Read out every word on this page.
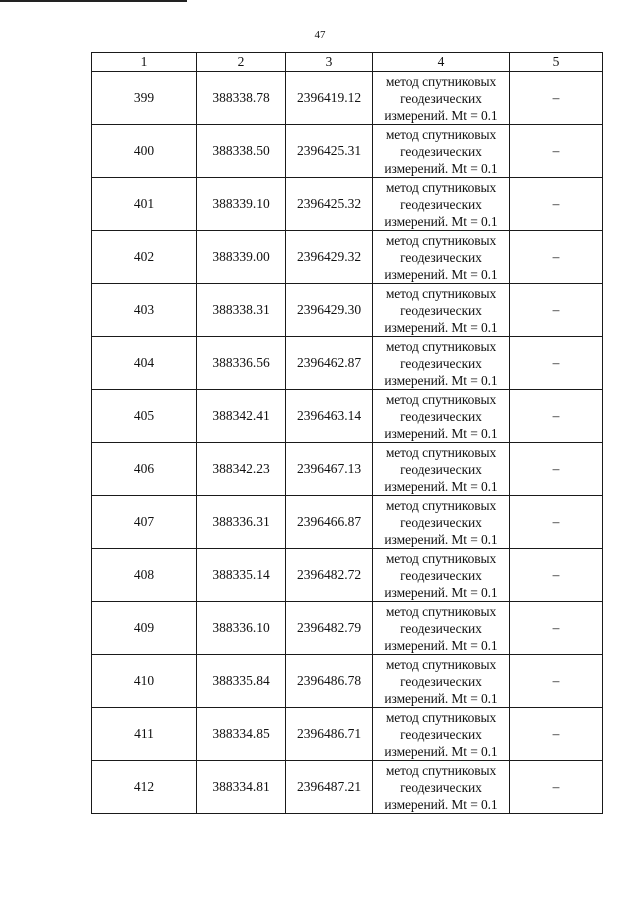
47
1	2	3	4	5
399	388338.78	2396419.12	метод спутниковых
геодезических
измерений. Mt = 0.1	–
400	388338.50	2396425.31	метод спутниковых
геодезических
измерений. Mt = 0.1	–
401	388339.10	2396425.32	метод спутниковых
геодезических
измерений. Mt = 0.1	–
402	388339.00	2396429.32	метод спутниковых
геодезических
измерений. Mt = 0.1	–
403	388338.31	2396429.30	метод спутниковых
геодезических
измерений. Mt = 0.1	–
404	388336.56	2396462.87	метод спутниковых
геодезических
измерений. Mt = 0.1	–
405	388342.41	2396463.14	метод спутниковых
геодезических
измерений. Mt = 0.1	–
406	388342.23	2396467.13	метод спутниковых
геодезических
измерений. Mt = 0.1	–
407	388336.31	2396466.87	метод спутниковых
геодезических
измерений. Mt = 0.1	–
408	388335.14	2396482.72	метод спутниковых
геодезических
измерений. Mt = 0.1	–
409	388336.10	2396482.79	метод спутниковых
геодезических
измерений. Mt = 0.1	–
410	388335.84	2396486.78	метод спутниковых
геодезических
измерений. Mt = 0.1	–
411	388334.85	2396486.71	метод спутниковых
геодезических
измерений. Mt = 0.1	–
412	388334.81	2396487.21	метод спутниковых
геодезических
измерений. Mt = 0.1	–
